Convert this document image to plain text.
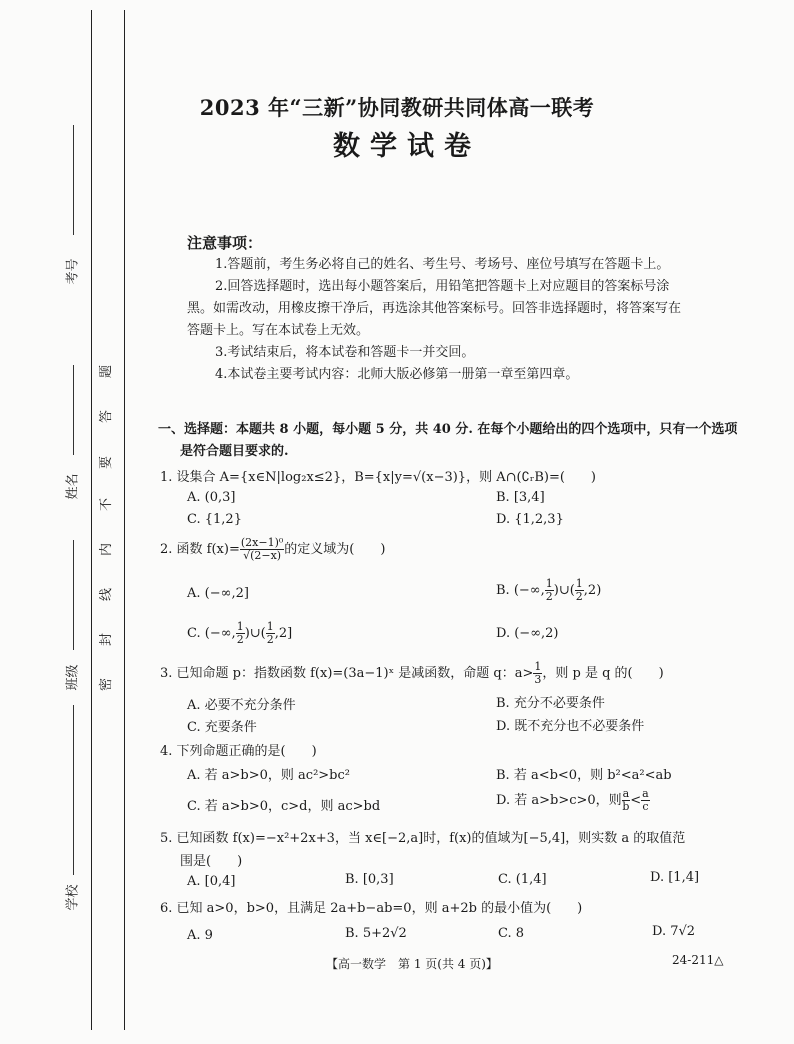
考号
姓名
班级
学校
密
封
线
内
不
要
答
题
2023 年“三新”协同教研共同体高一联考
数学试卷
注意事项：
1.答题前，考生务必将自己的姓名、考生号、考场号、座位号填写在答题卡上。
2.回答选择题时，选出每小题答案后，用铅笔把答题卡上对应题目的答案标号涂
黑。如需改动，用橡皮擦干净后，再选涂其他答案标号。回答非选择题时，将答案写在
答题卡上。写在本试卷上无效。
3.考试结束后，将本试卷和答题卡一并交回。
4.本试卷主要考试内容：北师大版必修第一册第一章至第四章。
一、选择题：本题共 8 小题，每小题 5 分，共 40 分. 在每个小题给出的四个选项中，只有一个选项
是符合题目要求的.
1. 设集合 A={x∈N|log₂x≤2}，B={x|y=√(x−3)}，则 A∩(∁ᵣB)=(　　)
A. (0,3]	B. [3,4]
C. {1,2}	D. {1,2,3}
2. 函数 $f(x)= \frac{\text{(2x−1)⁰}}{√(2-x)}$ 的定义域为(　　)
A. (−∞,2]	B. (−∞, $\frac{1}{2}$ )∪( $\frac{1}{2} ,2$)
C. (−∞, $\frac{1}{2}$ )∪( $\frac{1}{2} ,2$]	D. (−∞,2)
3. 已知命题 p：指数函数 f(x)=(3a−1)ˣ 是减函数，命题 q：$a> \frac{1}{3}$ ，则 p 是 q 的(　　)
A. 必要不充分条件	B. 充分不必要条件
C. 充要条件	D. 既不充分也不必要条件
4. 下列命题正确的是(　　)
A. 若 a>b>0，则 ac²>bc²	B. 若 a<b<0，则 b²<a²<ab
C. 若 a>b>0，c>d，则 ac>bd	D. 若 a>b>c>0，则 $\frac{a}{b} < \frac{a}{c}$
5. 已知函数 f(x)=−x²+2x+3，当 x∈[−2,a]时，f(x)的值域为[−5,4]，则实数 a 的取值范
围是(　　)
A. [0,4]	B. [0,3]	C. (1,4]	D. [1,4]
6. 已知 a>0，b>0，且满足 2a+b−ab=0，则 a+2b 的最小值为(　　)
A. 9	B. 5+2√2	C. 8	D. 7√2
【高一数学　第 1 页(共 4 页)】	24-211△
